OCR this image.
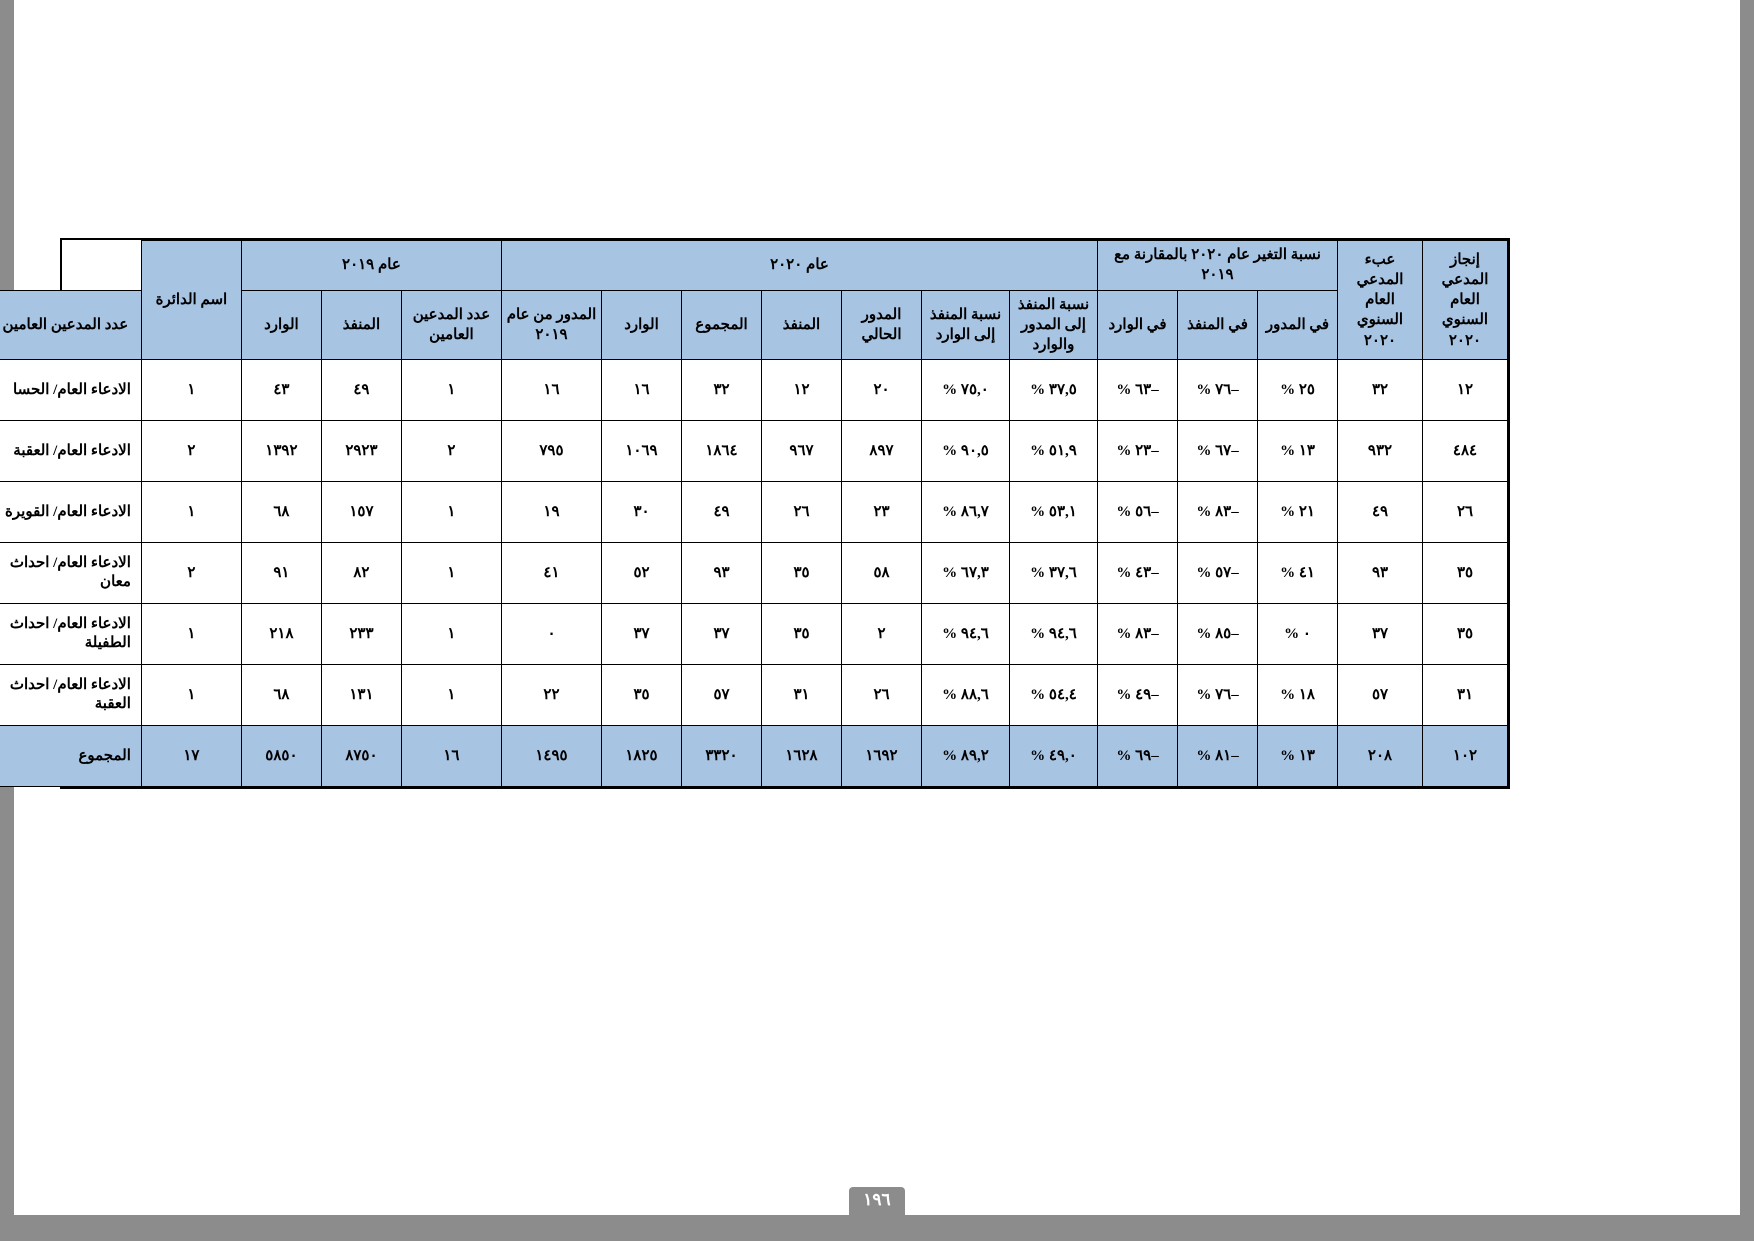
إنجاز المدعي العام السنوي ٢٠٢٠	عبء المدعي العام السنوي ٢٠٢٠	نسبة التغير عام ٢٠٢٠ بالمقارنة مع ٢٠١٩			عام ٢٠٢٠							عام ٢٠١٩			اسم الدائرة	
		في المدور	في المنفذ	في الوارد	نسبة المنفذ إلى المدور والوارد	نسبة المنفذ إلى الوارد	المدور الحالي	المنفذ	المجموع	الوارد	المدور من عام ٢٠١٩	عدد المدعين العامين	المنفذ	الوارد		عدد المدعين العامين
١٢	٣٢	٢٥ %	–٧٦ %	–٦٣ %	٣٧,٥ %	٧٥,٠ %	٢٠	١٢	٣٢	١٦	١٦	١	٤٩	٤٣	١	الادعاء العام/ الحسا
٤٨٤	٩٣٢	١٣ %	–٦٧ %	–٢٣ %	٥١,٩ %	٩٠,٥ %	٨٩٧	٩٦٧	١٨٦٤	١٠٦٩	٧٩٥	٢	٢٩٢٣	١٣٩٢	٢	الادعاء العام/ العقبة
٢٦	٤٩	٢١ %	–٨٣ %	–٥٦ %	٥٣,١ %	٨٦,٧ %	٢٣	٢٦	٤٩	٣٠	١٩	١	١٥٧	٦٨	١	الادعاء العام/ القويرة
٣٥	٩٣	٤١ %	–٥٧ %	–٤٣ %	٣٧,٦ %	٦٧,٣ %	٥٨	٣٥	٩٣	٥٢	٤١	١	٨٢	٩١	٢	الادعاء العام/ احداث معان
٣٥	٣٧	٠ %	–٨٥ %	–٨٣ %	٩٤,٦ %	٩٤,٦ %	٢	٣٥	٣٧	٣٧	٠	١	٢٣٣	٢١٨	١	الادعاء العام/ احداث الطفيلة
٣١	٥٧	١٨ %	–٧٦ %	–٤٩ %	٥٤,٤ %	٨٨,٦ %	٢٦	٣١	٥٧	٣٥	٢٢	١	١٣١	٦٨	١	الادعاء العام/ احداث العقبة
١٠٢	٢٠٨	١٣ %	–٨١ %	–٦٩ %	٤٩,٠ %	٨٩,٢ %	١٦٩٢	١٦٢٨	٣٣٢٠	١٨٢٥	١٤٩٥	١٦	٨٧٥٠	٥٨٥٠	١٧	المجموع
١٩٦
